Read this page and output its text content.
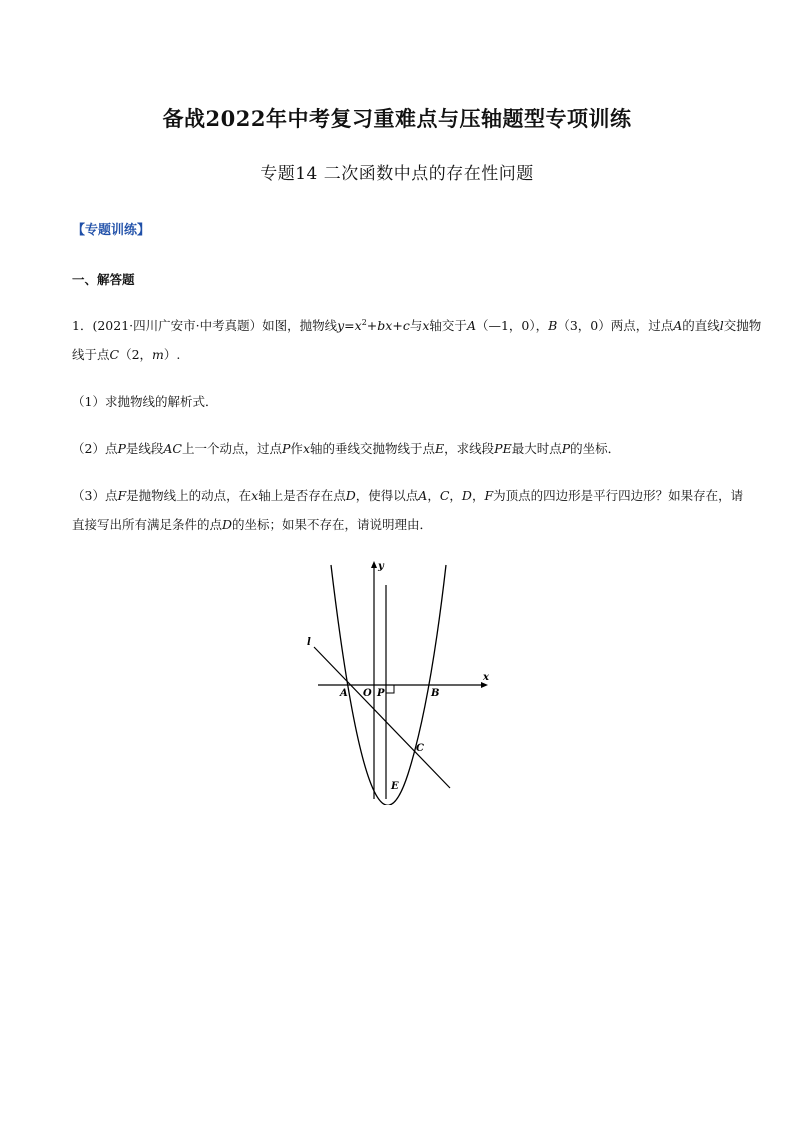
备战2022年中考复习重难点与压轴题型专项训练
专题14 二次函数中点的存在性问题
【专题训练】
一、解答题
1．(2021·四川广安市·中考真题）如图，抛物线$y=x^2+bx+c$与x轴交于A（—1，0），B（3，0）两点，过点A的直线l交抛物
线于点C（2，m）.
（1）求抛物线的解析式．
（2）点P是线段AC上一个动点，过点P作x轴的垂线交抛物线于点E，求线段PE最大时点P的坐标．
（3）点F是抛物线上的动点，在x轴上是否存在点D，使得以点A，C，D，F为顶点的四边形是平行四边形？如果存在，请
直接写出所有满足条件的点D的坐标；如果不存在，请说明理由．
y
x
l
A O P	B
C
E
